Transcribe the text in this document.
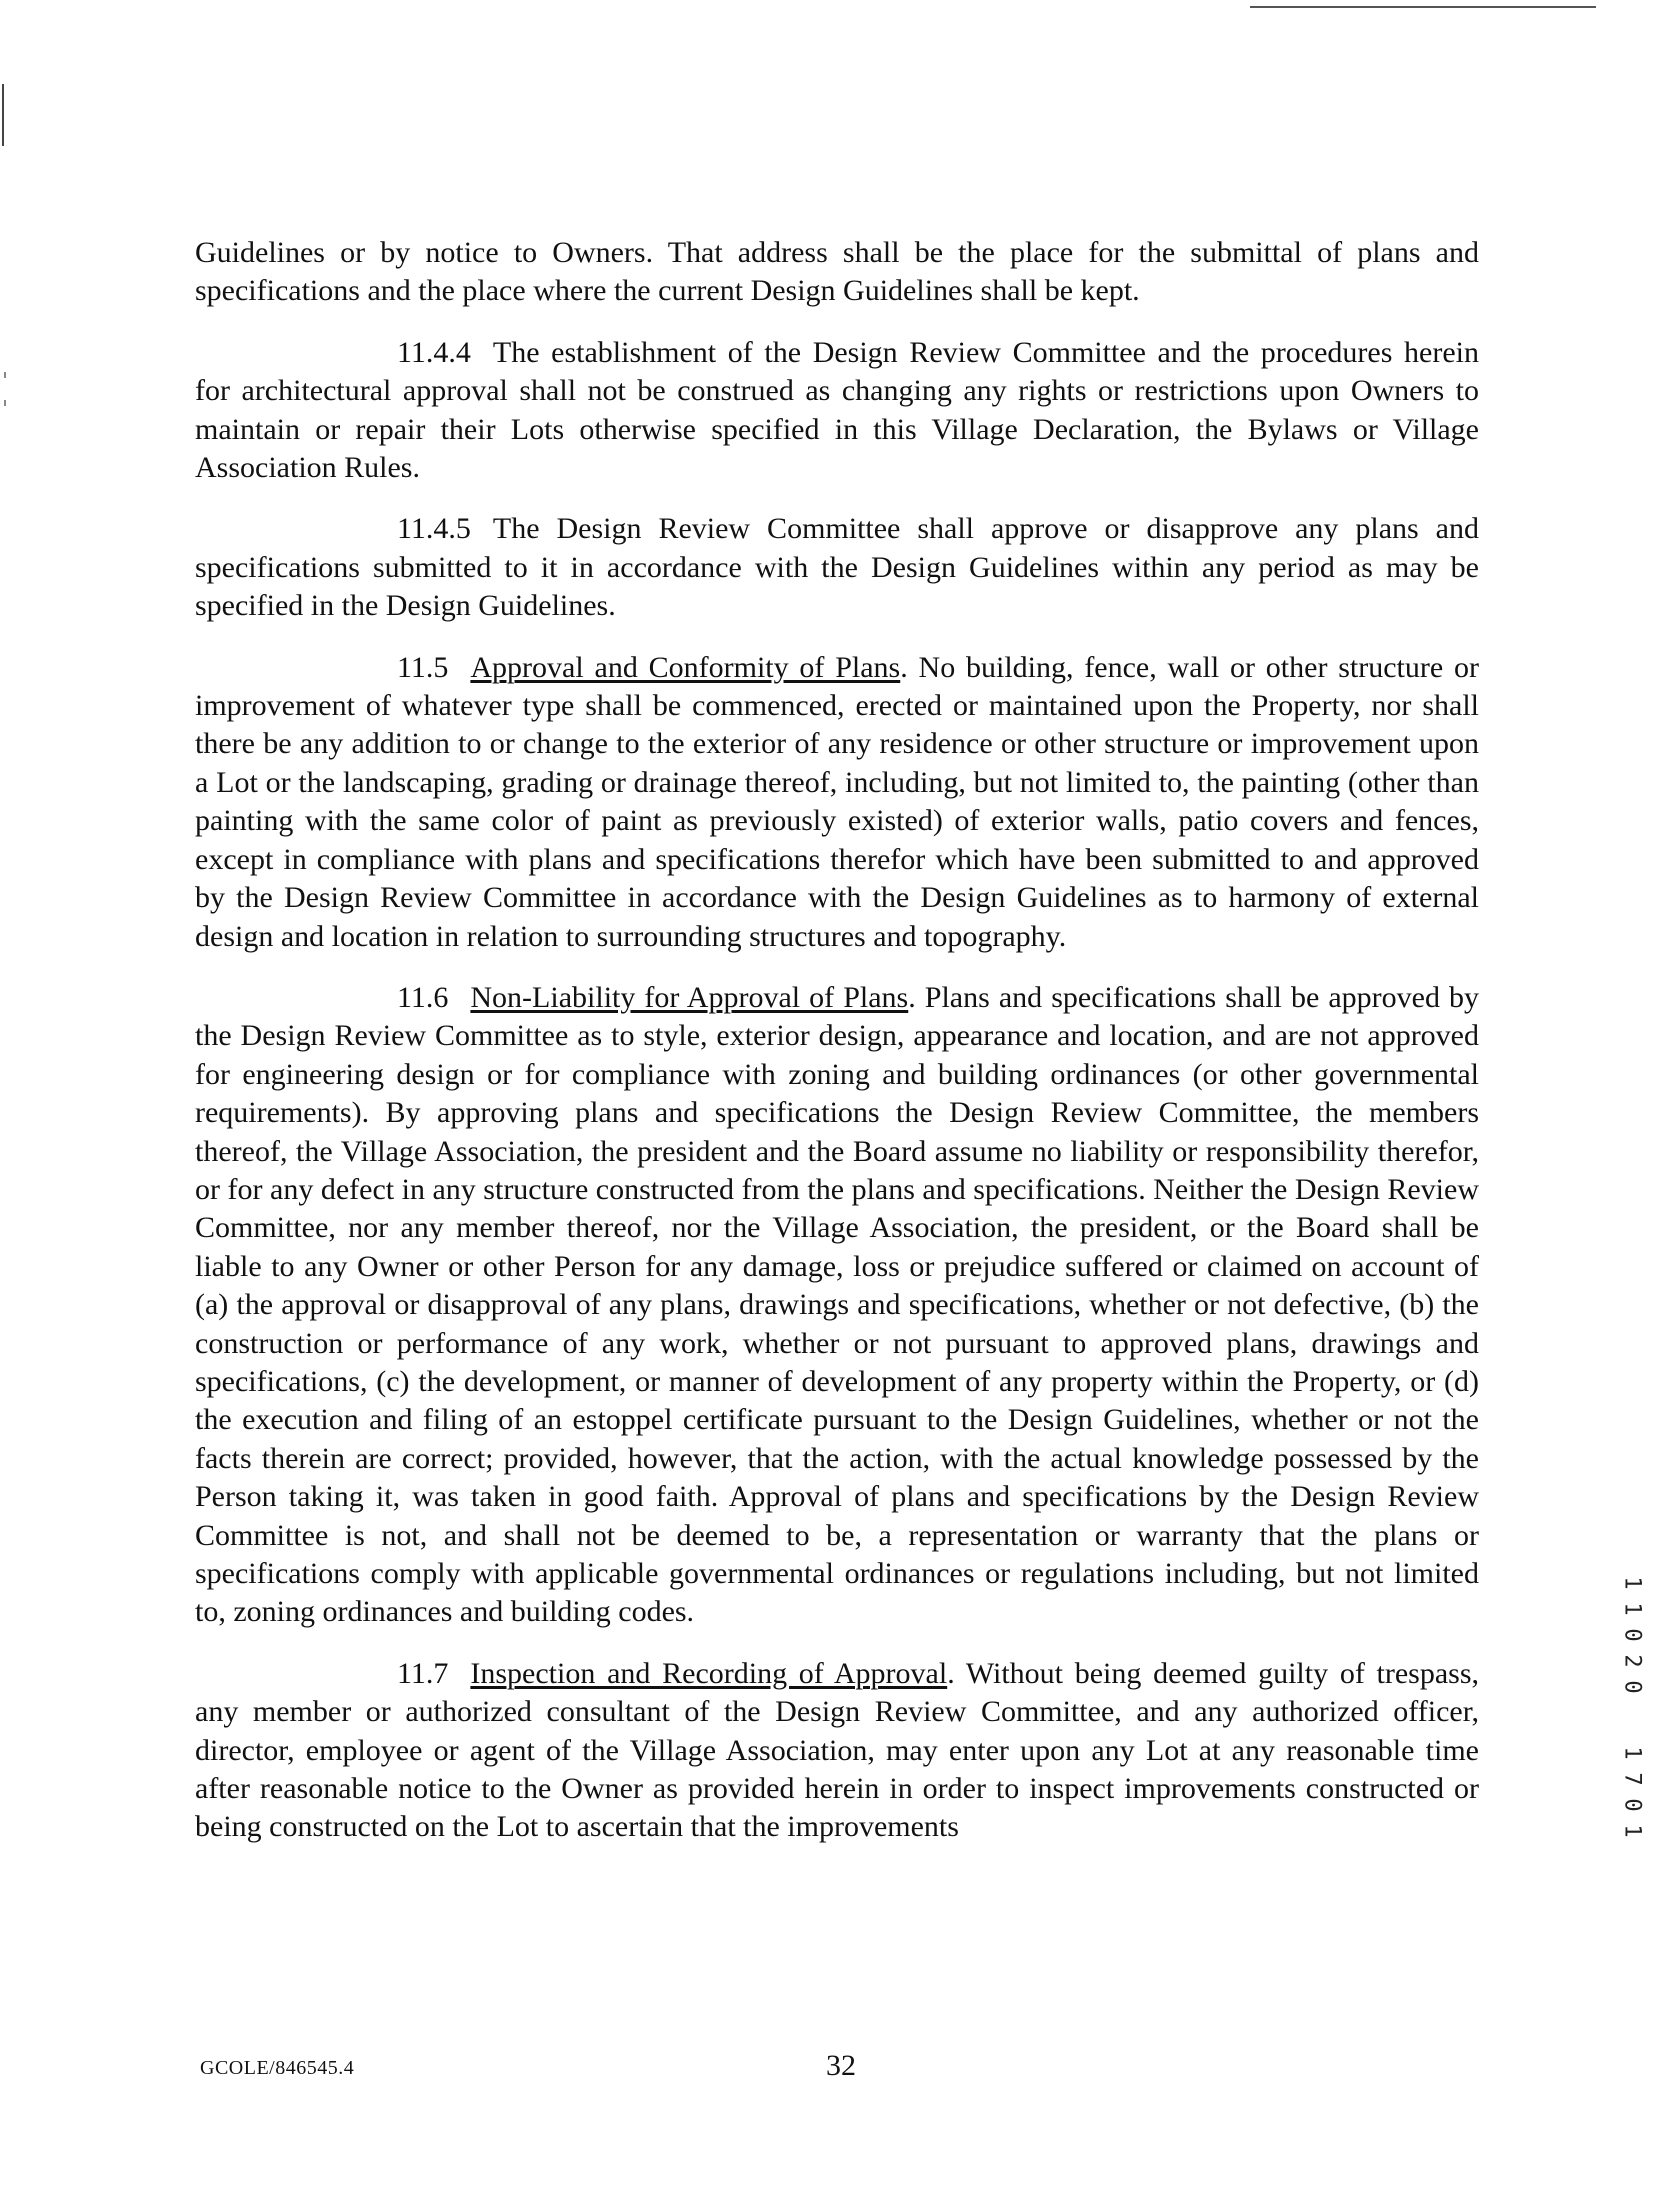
Guidelines or by notice to Owners. That address shall be the place for the submittal of plans and specifications and the place where the current Design Guidelines shall be kept.

11.4.4 The establishment of the Design Review Committee and the procedures herein for architectural approval shall not be construed as changing any rights or restrictions upon Owners to maintain or repair their Lots otherwise specified in this Village Declaration, the Bylaws or Village Association Rules.

11.4.5 The Design Review Committee shall approve or disapprove any plans and specifications submitted to it in accordance with the Design Guidelines within any period as may be specified in the Design Guidelines.

11.5 Approval and Conformity of Plans. No building, fence, wall or other structure or improvement of whatever type shall be commenced, erected or maintained upon the Property, nor shall there be any addition to or change to the exterior of any residence or other structure or improvement upon a Lot or the landscaping, grading or drainage thereof, including, but not limited to, the painting (other than painting with the same color of paint as previously existed) of exterior walls, patio covers and fences, except in compliance with plans and specifications therefor which have been submitted to and approved by the Design Review Committee in accordance with the Design Guidelines as to harmony of external design and location in relation to surrounding structures and topography.

11.6 Non-Liability for Approval of Plans. Plans and specifications shall be approved by the Design Review Committee as to style, exterior design, appearance and location, and are not approved for engineering design or for compliance with zoning and building ordinances (or other governmental requirements). By approving plans and specifications the Design Review Committee, the members thereof, the Village Association, the president and the Board assume no liability or responsibility therefor, or for any defect in any structure constructed from the plans and specifications. Neither the Design Review Committee, nor any member thereof, nor the Village Association, the president, or the Board shall be liable to any Owner or other Person for any damage, loss or prejudice suffered or claimed on account of (a) the approval or disapproval of any plans, drawings and specifications, whether or not defective, (b) the construction or performance of any work, whether or not pursuant to approved plans, drawings and specifications, (c) the development, or manner of development of any property within the Property, or (d) the execution and filing of an estoppel certificate pursuant to the Design Guidelines, whether or not the facts therein are correct; provided, however, that the action, with the actual knowledge possessed by the Person taking it, was taken in good faith. Approval of plans and specifications by the Design Review Committee is not, and shall not be deemed to be, a representation or warranty that the plans or specifications comply with applicable governmental ordinances or regulations including, but not limited to, zoning ordinances and building codes.

11.7 Inspection and Recording of Approval. Without being deemed guilty of trespass, any member or authorized consultant of the Design Review Committee, and any authorized officer, director, employee or agent of the Village Association, may enter upon any Lot at any reasonable time after reasonable notice to the Owner as provided herein in order to inspect improvements constructed or being constructed on the Lot to ascertain that the improvements

1
1
0
2
0
1
7
0
1
GCOLE/846545.4	32
